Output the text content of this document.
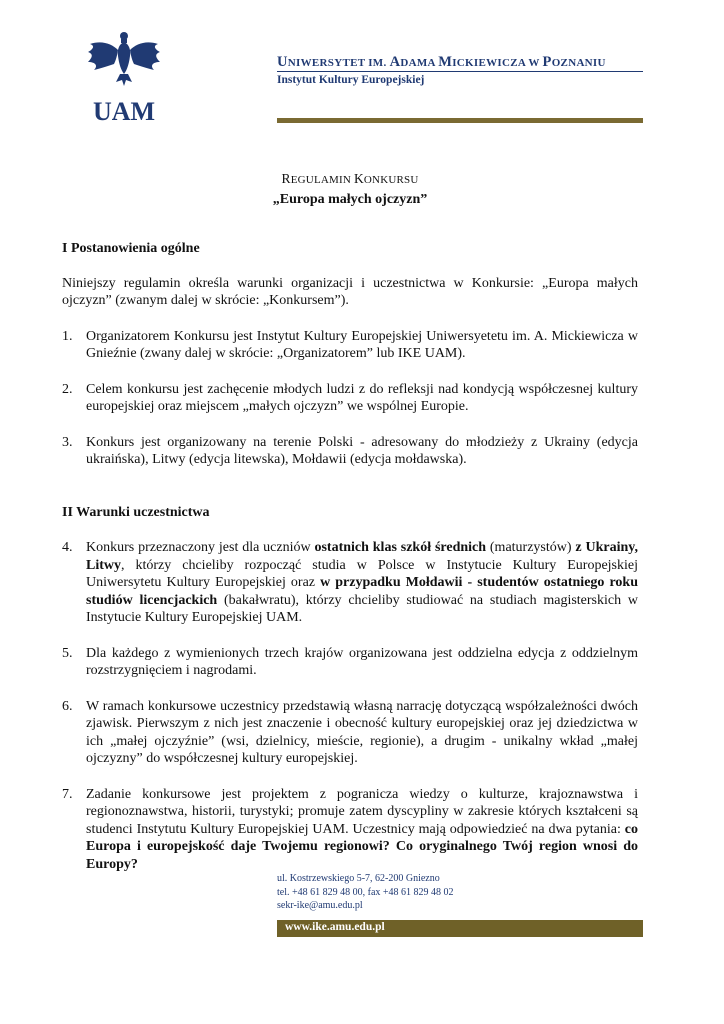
UAM
UNIWERSYTET IM. ADAMA MICKIEWICZA W POZNANIU
Instytut Kultury Europejskiej
REGULAMIN KONKURSU
„Europa małych ojczyzn”
I Postanowienia ogólne

Niniejszy regulamin określa warunki organizacji i uczestnictwa w Konkursie: „Europa małych ojczyzn” (zwanym dalej w skrócie: „Konkursem”).

1. Organizatorem Konkursu jest Instytut Kultury Europejskiej Uniwersyetetu im. A. Mickiewicza w Gnieźnie (zwany dalej w skrócie: „Organizatorem” lub IKE UAM).
2. Celem konkursu jest zachęcenie młodych ludzi z do refleksji nad kondycją współczesnej kultury europejskiej oraz miejscem „małych ojczyzn” we wspólnej Europie.
3. Konkurs jest organizowany na terenie Polski - adresowany do młodzieży z Ukrainy (edycja ukraińska), Litwy (edycja litewska), Mołdawii (edycja mołdawska).
II Warunki uczestnictwa
4. Konkurs przeznaczony jest dla uczniów ostatnich klas szkół średnich (maturzystów) z Ukrainy, Litwy, którzy chcieliby rozpocząć studia w Polsce w Instytucie Kultury Europejskiej Uniwersytetu Kultury Europejskiej oraz w przypadku Mołdawii - studentów ostatniego roku studiów licencjackich (bakałwratu), którzy chcieliby studiować na studiach magisterskich w Instytucie Kultury Europejskiej UAM.
5. Dla każdego z wymienionych trzech krajów organizowana jest oddzielna edycja z oddzielnym rozstrzygnięciem i nagrodami.
6. W ramach konkursowe uczestnicy przedstawią własną narrację dotyczącą współzależności dwóch zjawisk. Pierwszym z nich jest znaczenie i obecność kultury europejskiej oraz jej dziedzictwa w ich „małej ojczyźnie” (wsi, dzielnicy, mieście, regionie), a drugim - unikalny wkład „małej ojczyzny” do współczesnej kultury europejskiej.
7. Zadanie konkursowe jest projektem z pogranicza wiedzy o kulturze, krajoznawstwa i regionoznawstwa, historii, turystyki; promuje zatem dyscypliny w zakresie których kształceni są studenci Instytutu Kultury Europejskiej UAM. Uczestnicy mają odpowiedzieć na dwa pytania: co Europa i europejskość daje Twojemu regionowi? Co oryginalnego Twój region wnosi do Europy?
ul. Kostrzewskiego 5-7, 62-200 Gniezno
tel. +48 61 829 48 00, fax +48 61 829 48 02
sekr-ike@amu.edu.pl
www.ike.amu.edu.pl
